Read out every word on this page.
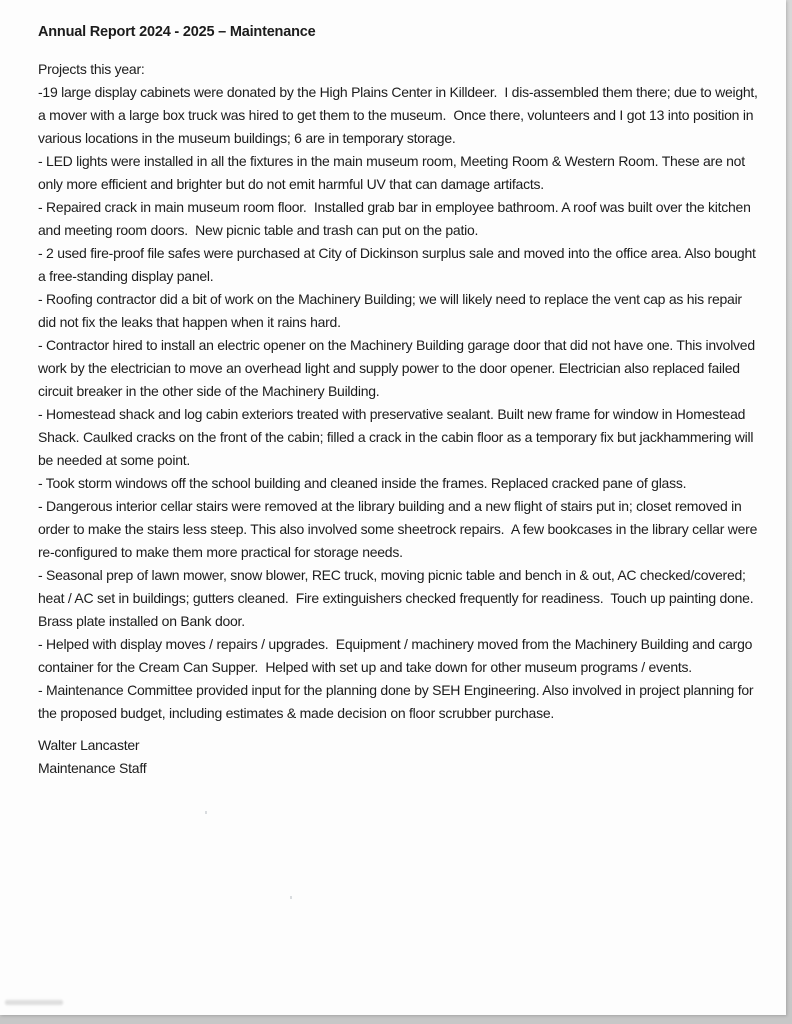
Annual Report 2024 - 2025 – Maintenance

Projects this year:

-19 large display cabinets were donated by the High Plains Center in Killdeer.  I dis-assembled them there; due to weight, a mover with a large box truck was hired to get them to the museum.  Once there, volunteers and I got 13 into position in various locations in the museum buildings; 6 are in temporary storage.

- LED lights were installed in all the fixtures in the main museum room, Meeting Room & Western Room. These are not only more efficient and brighter but do not emit harmful UV that can damage artifacts.

- Repaired crack in main museum room floor.  Installed grab bar in employee bathroom. A roof was built over the kitchen and meeting room doors.  New picnic table and trash can put on the patio.

- 2 used fire-proof file safes were purchased at City of Dickinson surplus sale and moved into the office area. Also bought a free-standing display panel.

- Roofing contractor did a bit of work on the Machinery Building; we will likely need to replace the vent cap as his repair did not fix the leaks that happen when it rains hard.

- Contractor hired to install an electric opener on the Machinery Building garage door that did not have one. This involved work by the electrician to move an overhead light and supply power to the door opener. Electrician also replaced failed circuit breaker in the other side of the Machinery Building.

- Homestead shack and log cabin exteriors treated with preservative sealant. Built new frame for window in Homestead Shack. Caulked cracks on the front of the cabin; filled a crack in the cabin floor as a temporary fix but jackhammering will be needed at some point.

- Took storm windows off the school building and cleaned inside the frames. Replaced cracked pane of glass.

- Dangerous interior cellar stairs were removed at the library building and a new flight of stairs put in; closet removed in order to make the stairs less steep. This also involved some sheetrock repairs.  A few bookcases in the library cellar were re-configured to make them more practical for storage needs.

- Seasonal prep of lawn mower, snow blower, REC truck, moving picnic table and bench in & out, AC checked/covered; heat / AC set in buildings; gutters cleaned.  Fire extinguishers checked frequently for readiness.  Touch up painting done.  Brass plate installed on Bank door.

- Helped with display moves / repairs / upgrades.  Equipment / machinery moved from the Machinery Building and cargo container for the Cream Can Supper.  Helped with set up and take down for other museum programs / events.

- Maintenance Committee provided input for the planning done by SEH Engineering. Also involved in project planning for the proposed budget, including estimates & made decision on floor scrubber purchase.

Walter Lancaster

Maintenance Staff
